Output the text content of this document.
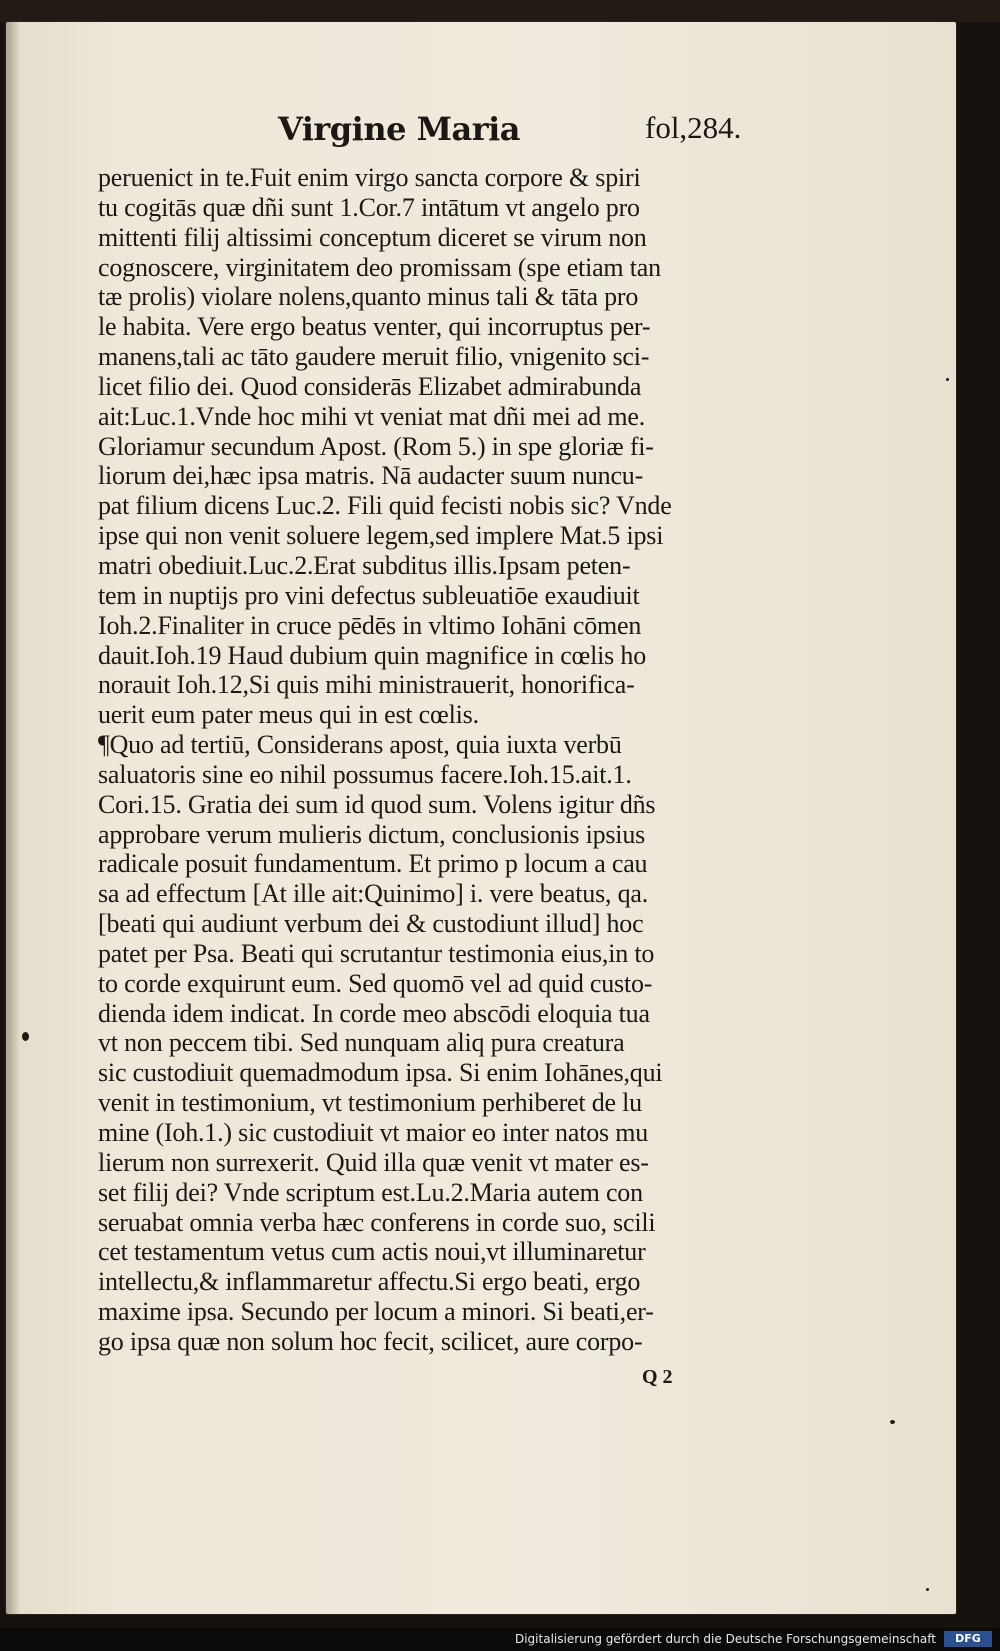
Virgine Maria	fol,284.
peruenict in te.Fuit enim virgo sancta corpore & spiri
tu cogitās quæ dñi sunt 1.Cor.7 intātum vt angelo pro
mittenti filij altissimi conceptum diceret se virum non
cognoscere, virginitatem deo promissam (spe etiam tan
tæ prolis) violare nolens,quanto minus tali & tāta pro
le habita. Vere ergo beatus venter, qui incorruptus per-
manens,tali ac tāto gaudere meruit filio, vnigenito sci-
licet filio dei. Quod considerās Elizabet admirabunda
ait:Luc.1.Vnde hoc mihi vt veniat mat dñi mei ad me.
Gloriamur secundum Apost. (Rom 5.) in spe gloriæ fi-
liorum dei,hæc ipsa matris. Nā audacter suum nuncu-
pat filium dicens Luc.2. Fili quid fecisti nobis sic? Vnde
ipse qui non venit soluere legem,sed implere Mat.5 ipsi
matri obediuit.Luc.2.Erat subditus illis.Ipsam peten-
tem in nuptijs pro vini defectus subleuatiōe exaudiuit
Ioh.2.Finaliter in cruce pēdēs in vltimo Iohāni cōmen
dauit.Ioh.19 Haud dubium quin magnifice in cœlis ho
norauit Ioh.12,Si quis mihi ministrauerit, honorifica-
uerit eum pater meus qui in est cœlis.
¶Quo ad tertiū, Considerans apost, quia iuxta verbū
saluatoris sine eo nihil possumus facere.Ioh.15.ait.1.
Cori.15. Gratia dei sum id quod sum. Volens igitur dñs
approbare verum mulieris dictum, conclusionis ipsius
radicale posuit fundamentum. Et primo p locum a cau
sa ad effectum [At ille ait:Quinimo] i. vere beatus, qa.
[beati qui audiunt verbum dei & custodiunt illud] hoc
patet per Psa. Beati qui scrutantur testimonia eius,in to
to corde exquirunt eum. Sed quomō vel ad quid custo-
dienda idem indicat. In corde meo abscōdi eloquia tua
vt non peccem tibi. Sed nunquam aliq pura creatura
sic custodiuit quemadmodum ipsa. Si enim Iohānes,qui
venit in testimonium, vt testimonium perhiberet de lu
mine (Ioh.1.) sic custodiuit vt maior eo inter natos mu
lierum non surrexerit. Quid illa quæ venit vt mater es-
set filij dei? Vnde scriptum est.Lu.2.Maria autem con
seruabat omnia verba hæc conferens in corde suo, scili
cet testamentum vetus cum actis noui,vt illuminaretur
intellectu,& inflammaretur affectu.Si ergo beati, ergo
maxime ipsa. Secundo per locum a minori. Si beati,er-
go ipsa quæ non solum hoc fecit, scilicet, aure corpo-
Q 2
Digitalisierung gefördert durch die Deutsche Forschungsgemeinschaft	DFG
